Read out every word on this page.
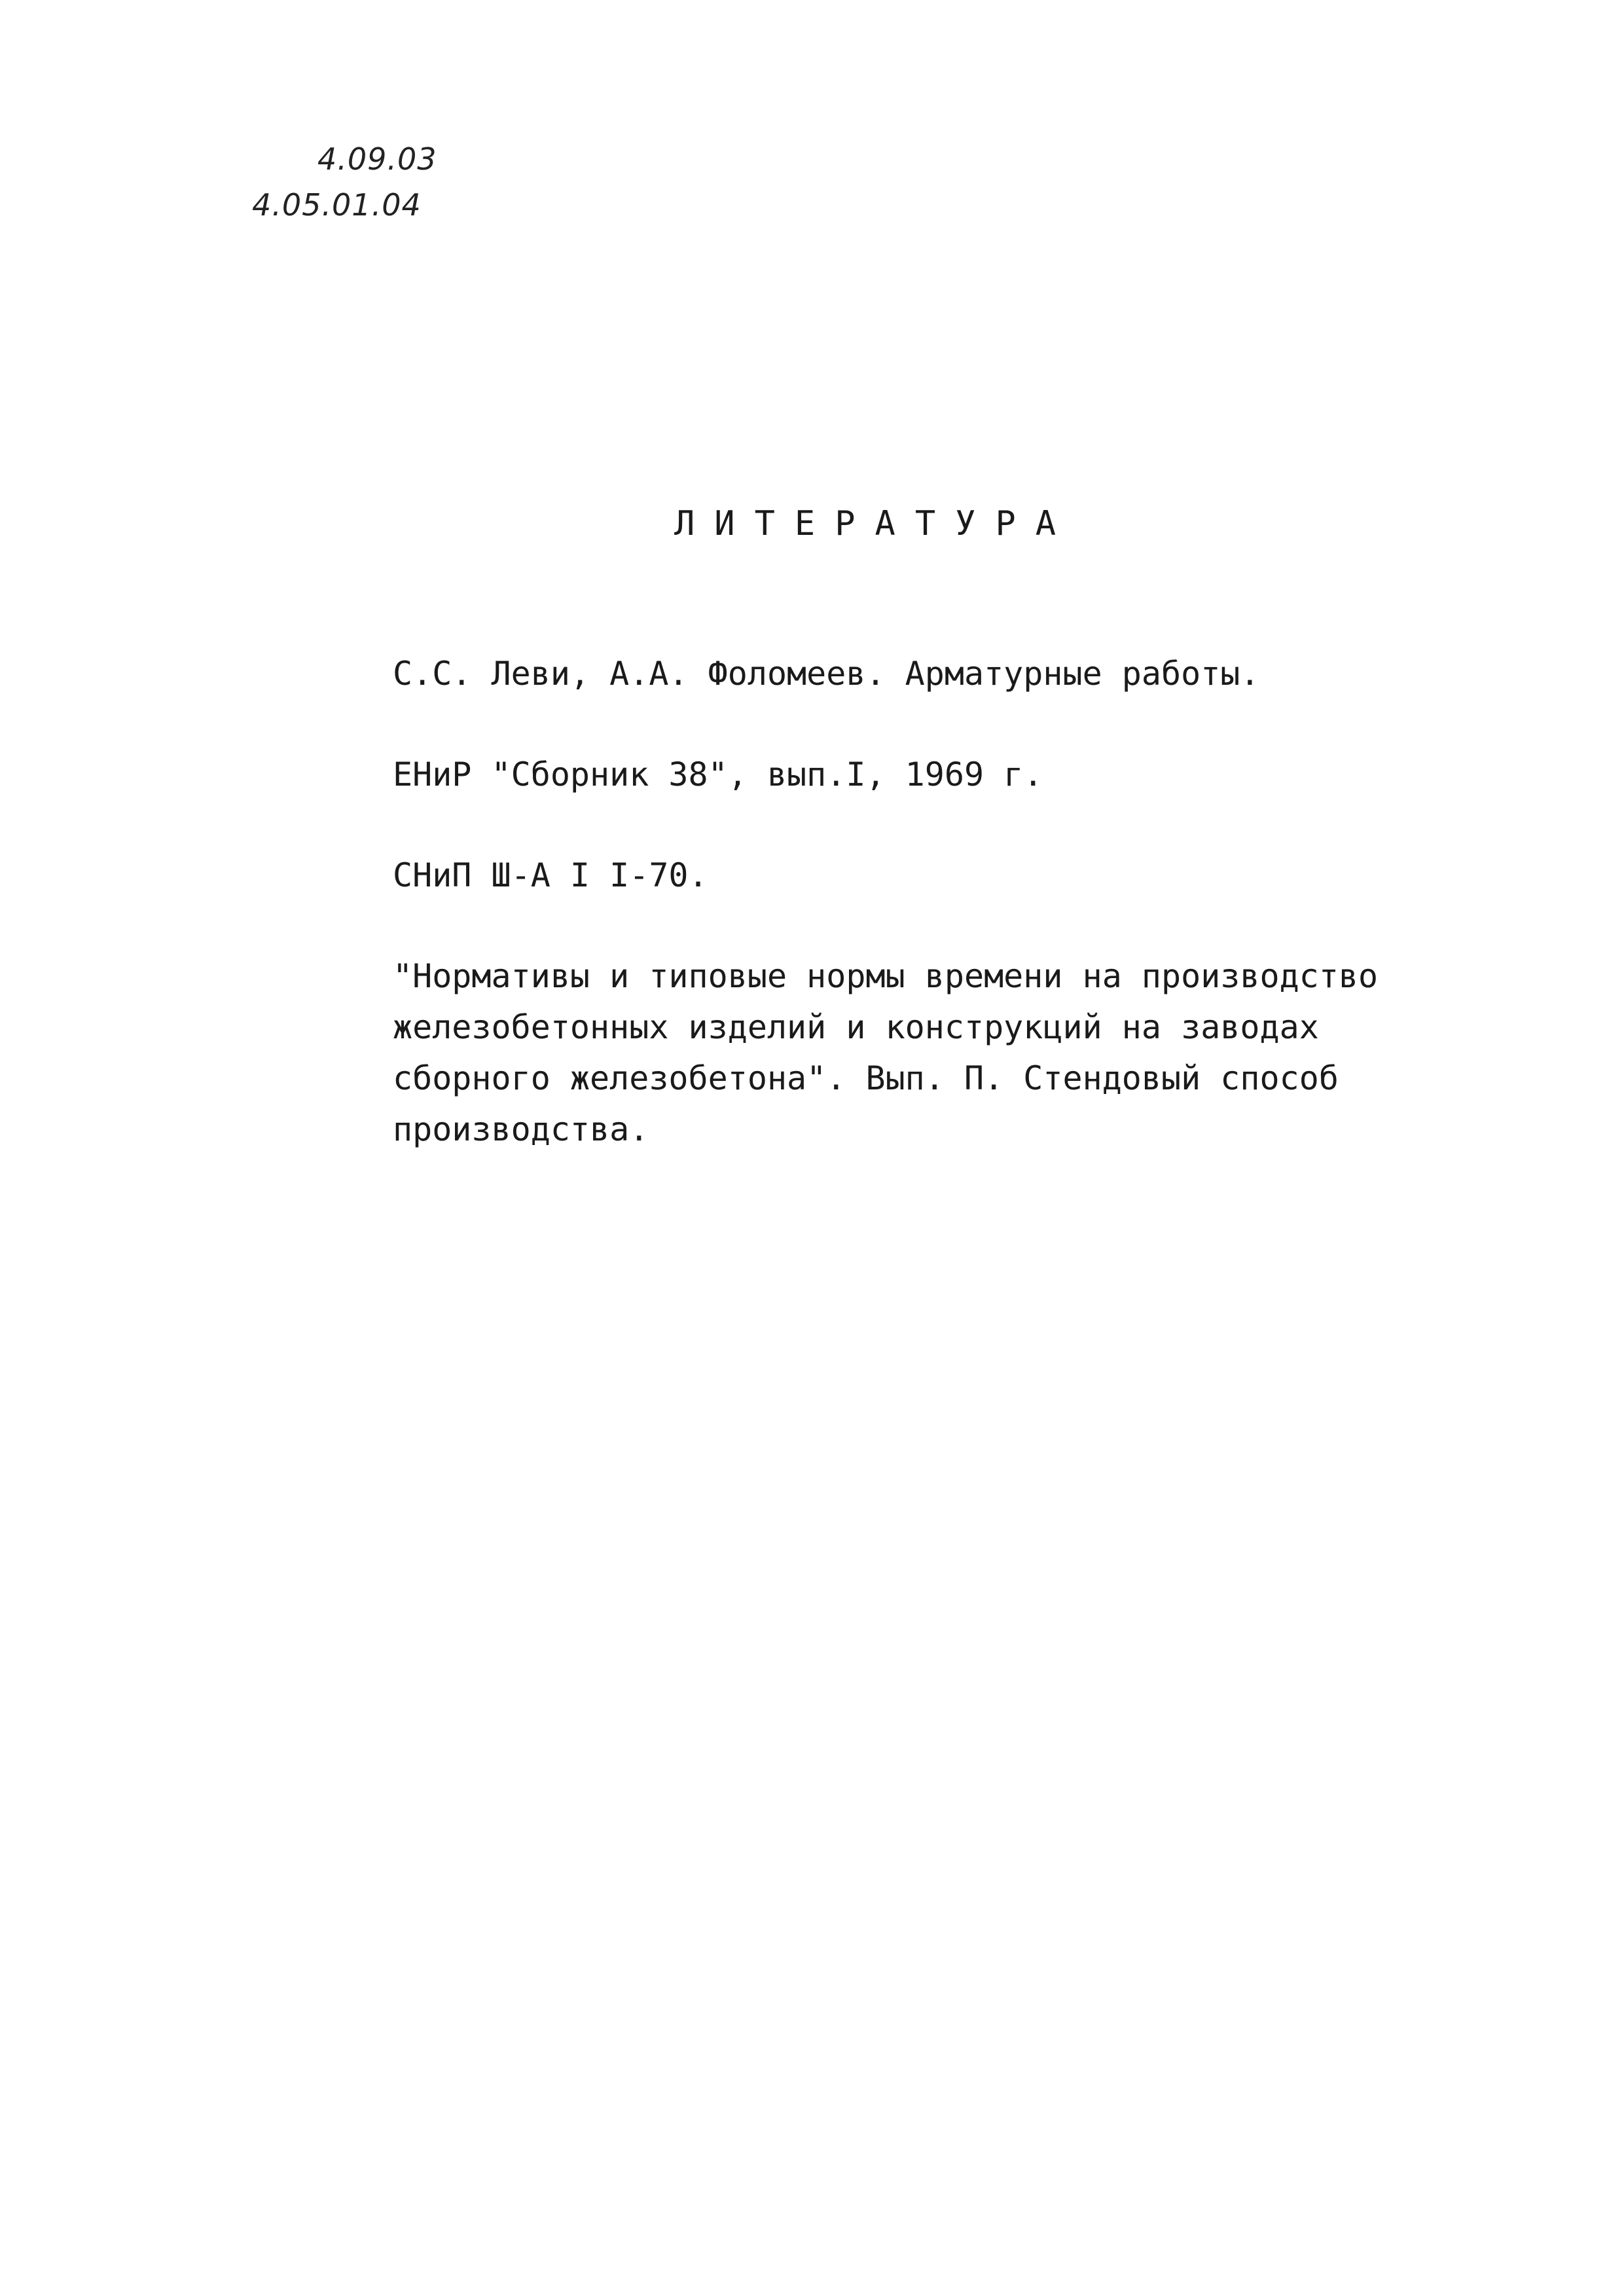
4.09.03
4.05.01.04
ЛИТЕРАТУРА

С.С. Леви, А.А. Фоломеев. Арматурные работы.

ЕНиР "Сборник 38", вып.I, 1969 г.

СНиП Ш-А I I-70.

"Нормативы и типовые нормы времени на производство
железобетонных изделий и конструкций на заводах
сборного железобетона". Вып. П. Стендовый способ
производства.
